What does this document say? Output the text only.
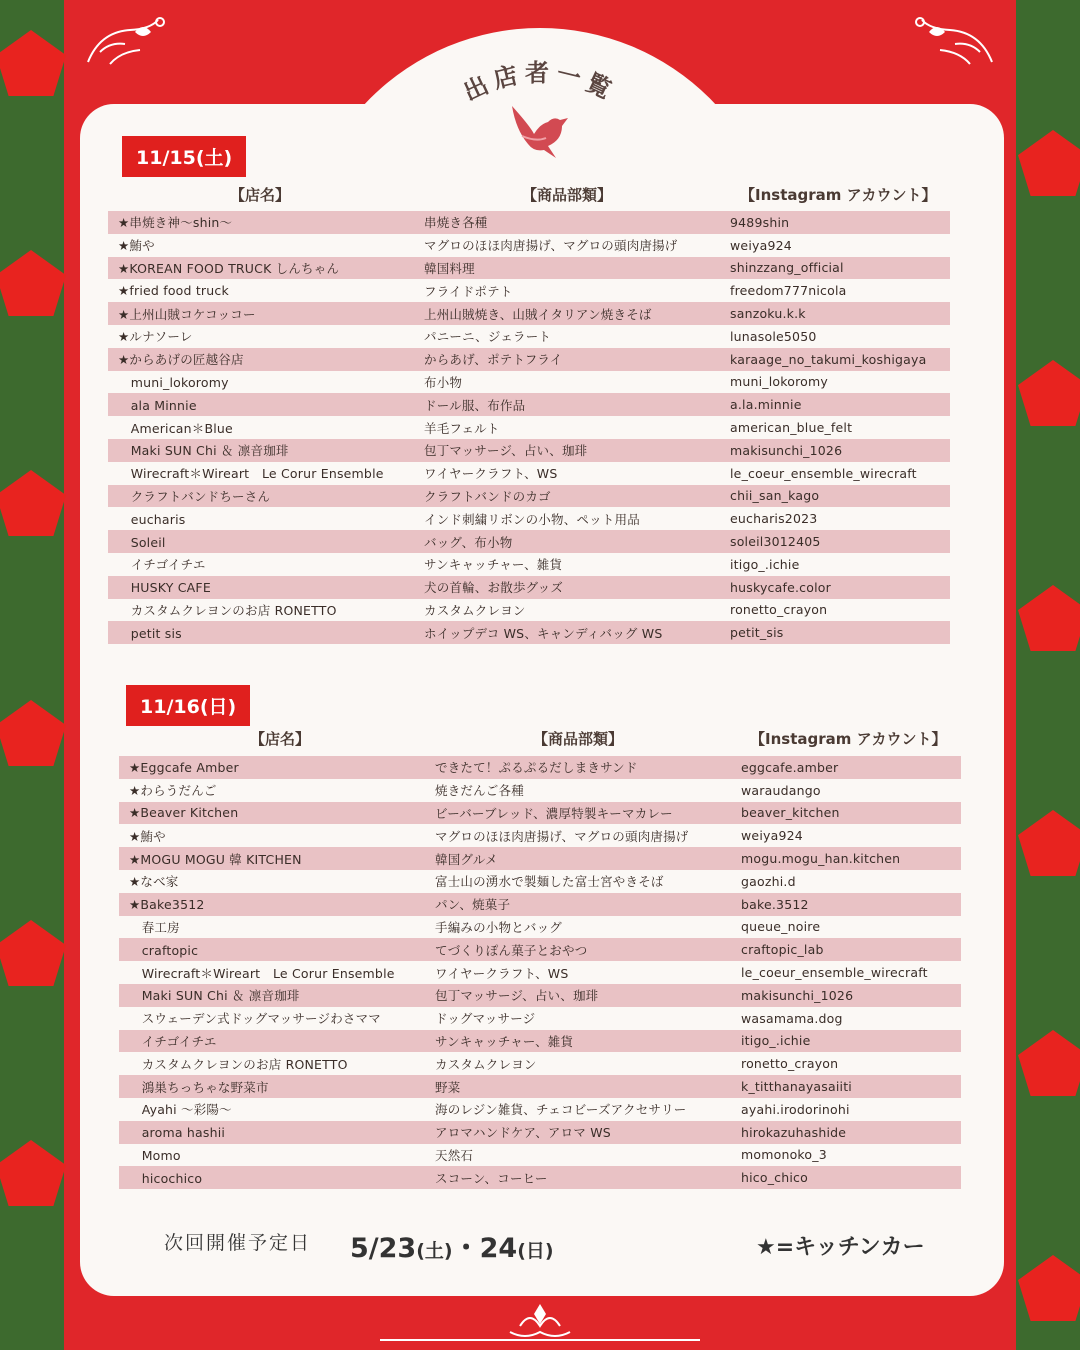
出店者一覧
11/15(土)
【店名】	【商品部類】	【Instagram アカウント】
★串焼き神〜shin〜	串焼き各種	9489shin
★鮪や	マグロのほほ肉唐揚げ、マグロの頭肉唐揚げ	weiya924
★KOREAN FOOD TRUCK しんちゃん	韓国料理	shinzzang_official
★fried food truck	フライドポテト	freedom777nicola
★上州山賊コケコッコー	上州山賊焼き、山賊イタリアン焼きそば	sanzoku.k.k
★ルナソーレ	パニーニ、ジェラート	lunasole5050
★からあげの匠越谷店	からあげ、ポテトフライ	karaage_no_takumi_koshigaya
　muni_lokoromy	布小物	muni_lokoromy
　ala Minnie	ドール服、布作品	a.la.minnie
　American＊Blue	羊毛フェルト	american_blue_felt
　Maki SUN Chi ＆ 凛音珈琲	包丁マッサージ、占い、珈琲	makisunchi_1026
　Wirecraft＊Wireart　Le Corur Ensemble	ワイヤークラフト、WS	le_coeur_ensemble_wirecraft
　クラフトバンドちーさん	クラフトバンドのカゴ	chii_san_kago
　eucharis	インド刺繍リボンの小物、ペット用品	eucharis2023
　Soleil	バッグ、布小物	soleil3012405
　イチゴイチエ	サンキャッチャー、雑貨	itigo_.ichie
　HUSKY CAFE	犬の首輪、お散歩グッズ	huskycafe.color
　カスタムクレヨンのお店 RONETTO	カスタムクレヨン	ronetto_crayon
　petit sis	ホイップデコ WS、キャンディバッグ WS	petit_sis
11/16(日)
【店名】	【商品部類】	【Instagram アカウント】
★Eggcafe Amber	できたて！ぷるぷるだしまきサンド	eggcafe.amber
★わらうだんご	焼きだんご各種	waraudango
★Beaver Kitchen	ビーバーブレッド、濃厚特製キーマカレー	beaver_kitchen
★鮪や	マグロのほほ肉唐揚げ、マグロの頭肉唐揚げ	weiya924
★MOGU MOGU 韓 KITCHEN	韓国グルメ	mogu.mogu_han.kitchen
★なべ家	富士山の湧水で製麺した富士宮やきそば	gaozhi.d
★Bake3512	パン、焼菓子	bake.3512
　春工房	手編みの小物とバッグ	queue_noire
　craftopic	てづくりぽん菓子とおやつ	craftopic_lab
　Wirecraft＊Wireart　Le Corur Ensemble	ワイヤークラフト、WS	le_coeur_ensemble_wirecraft
　Maki SUN Chi ＆ 凛音珈琲	包丁マッサージ、占い、珈琲	makisunchi_1026
　スウェーデン式ドッグマッサージわさママ	ドッグマッサージ	wasamama.dog
　イチゴイチエ	サンキャッチャー、雑貨	itigo_.ichie
　カスタムクレヨンのお店 RONETTO	カスタムクレヨン	ronetto_crayon
　鴻巣ちっちゃな野菜市	野菜	k_titthanayasaiiti
　Ayahi 〜彩陽〜	海のレジン雑貨、チェコビーズアクセサリー	ayahi.irodorinohi
　aroma hashii	アロマハンドケア、アロマ WS	hirokazuhashide
　Momo	天然石	momonoko_3
　hicochico	スコーン、コーヒー	hico_chico
次回開催予定日 5/23(土)・24(日)	★=キッチンカー
